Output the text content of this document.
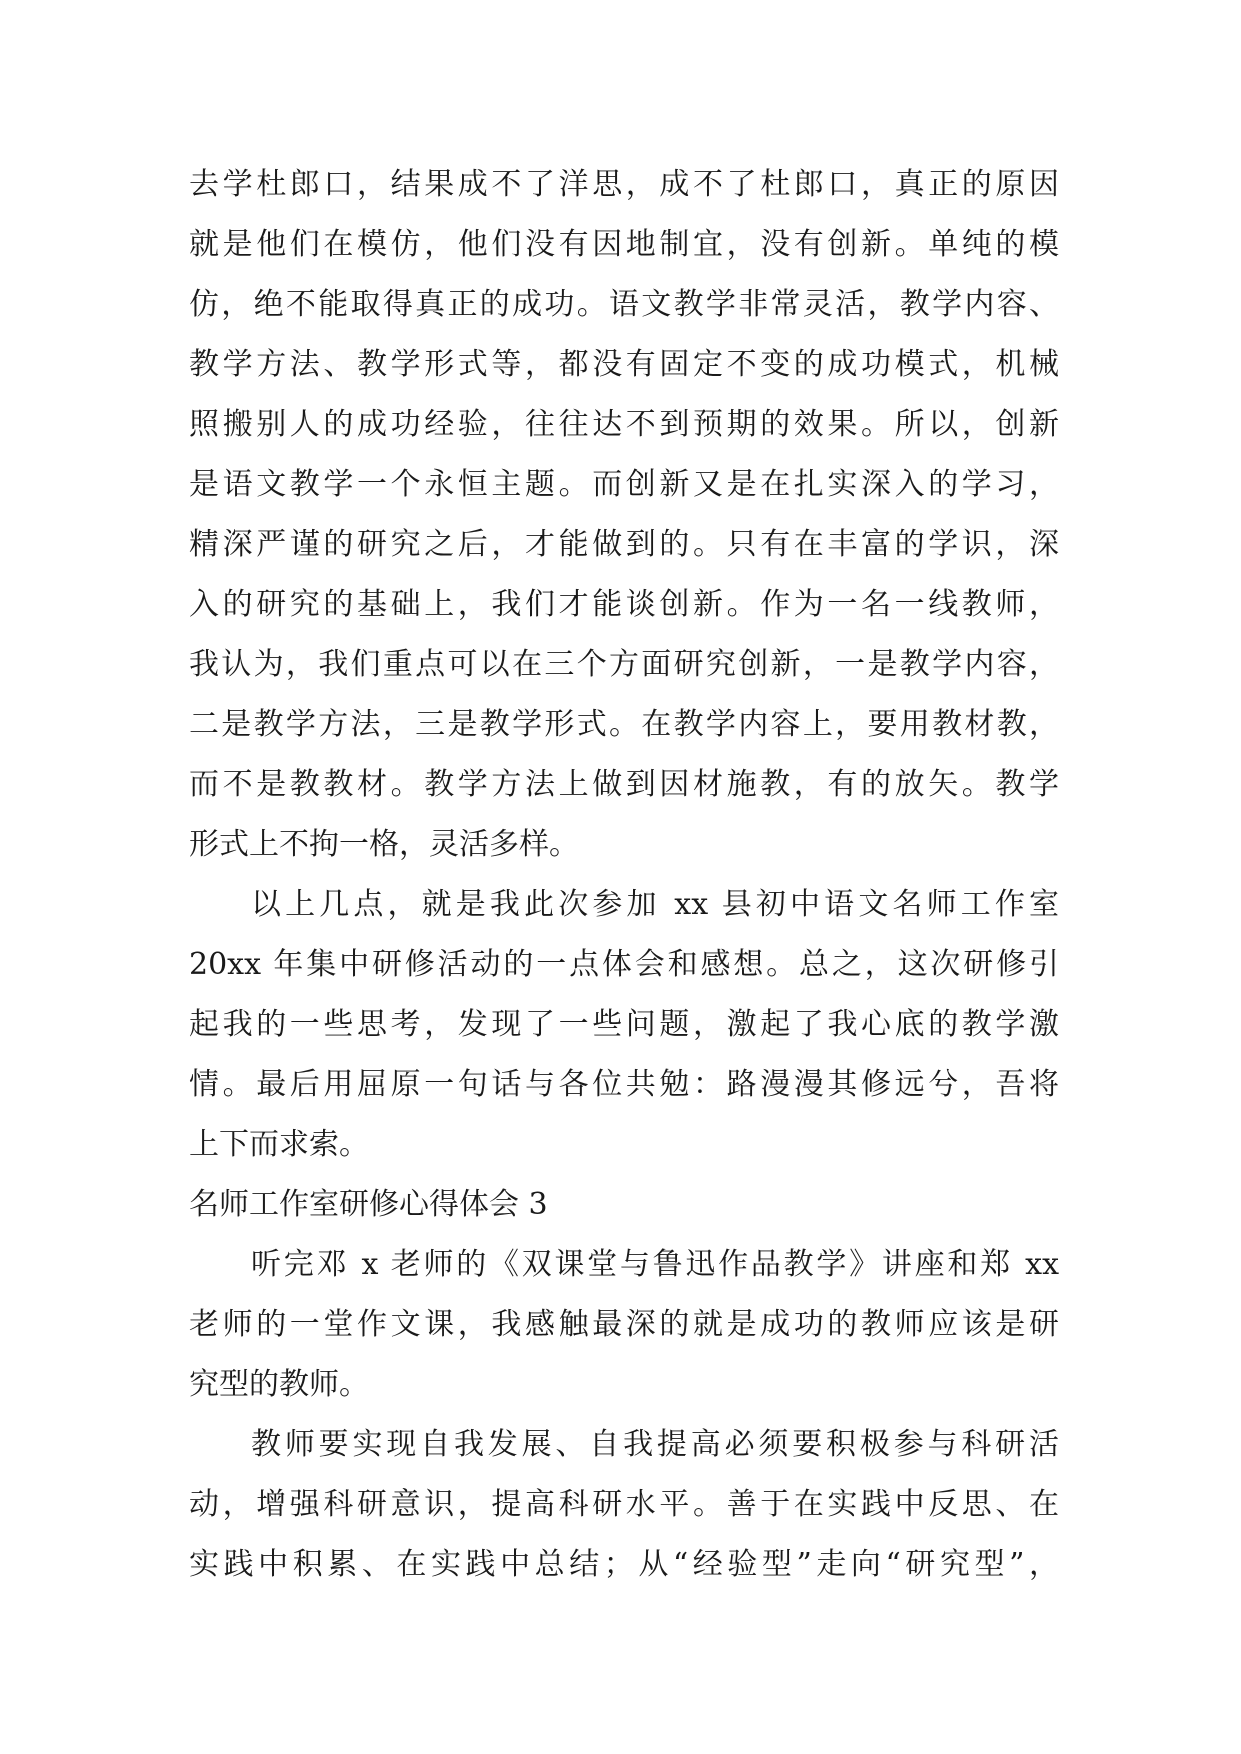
去学杜郎口，结果成不了洋思，成不了杜郎口，真正的原因
就是他们在模仿，他们没有因地制宜，没有创新。单纯的模
仿，绝不能取得真正的成功。语文教学非常灵活，教学内容、
教学方法、教学形式等，都没有固定不变的成功模式，机械
照搬别人的成功经验，往往达不到预期的效果。所以，创新
是语文教学一个永恒主题。而创新又是在扎实深入的学习，
精深严谨的研究之后，才能做到的。只有在丰富的学识，深
入的研究的基础上，我们才能谈创新。作为一名一线教师，
我认为，我们重点可以在三个方面研究创新，一是教学内容，
二是教学方法，三是教学形式。在教学内容上，要用教材教，
而不是教教材。教学方法上做到因材施教，有的放矢。教学
形式上不拘一格，灵活多样。
以上几点，就是我此次参加 xx 县初中语文名师工作室
20xx 年集中研修活动的一点体会和感想。总之，这次研修引
起我的一些思考，发现了一些问题，激起了我心底的教学激
情。最后用屈原一句话与各位共勉：路漫漫其修远兮，吾将
上下而求索。
名师工作室研修心得体会 3
听完邓 x 老师的《双课堂与鲁迅作品教学》讲座和郑 xx
老师的一堂作文课，我感触最深的就是成功的教师应该是研
究型的教师。
教师要实现自我发展、自我提高必须要积极参与科研活
动，增强科研意识，提高科研水平。善于在实践中反思、在
实践中积累、在实践中总结；从“经验型”走向“研究型”，
